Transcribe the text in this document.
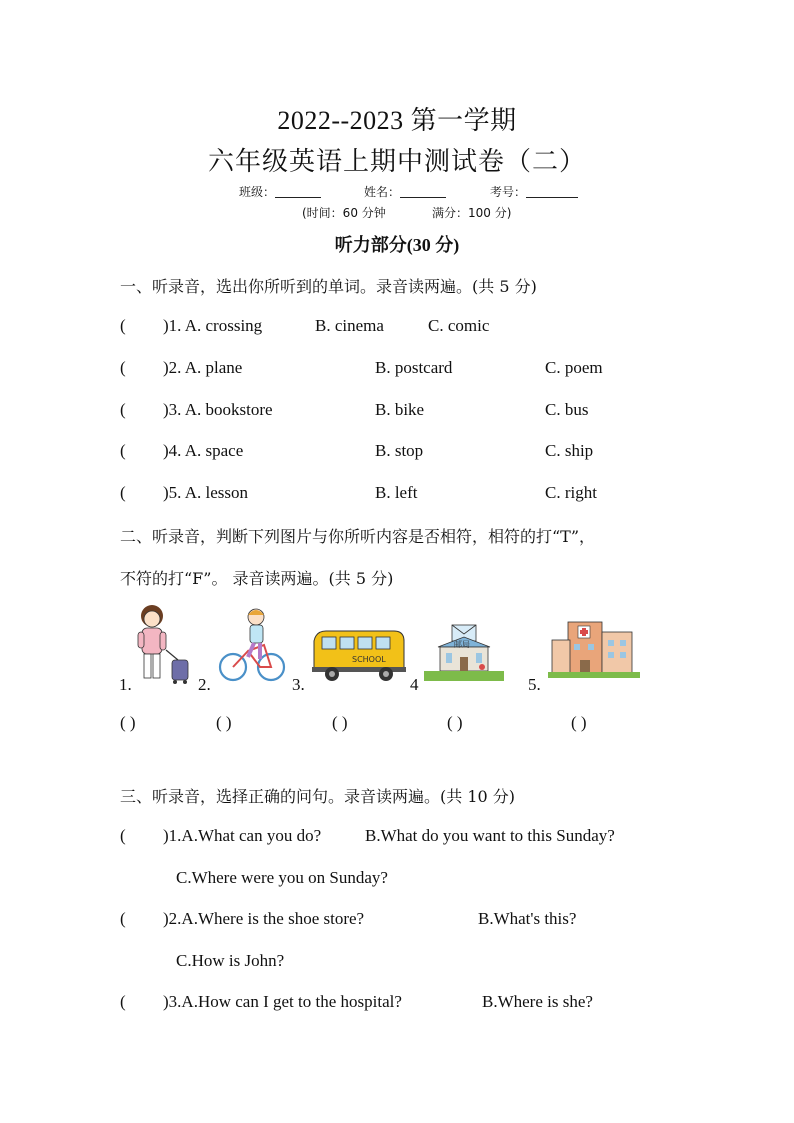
2022--2023 第一学期
六年级英语上期中测试卷（二）
班级：	姓名：	考号：
(时间：60 分钟	满分：100 分)
听力部分(30 分)
一、听录音，选出你所听到的单词。录音读两遍。(共 5 分)
( )1. A. crossing	B. cinema	C. comic
( )2. A. plane	B. postcard	C. poem
( )3. A. bookstore	B. bike	C. bus
( )4. A. space	B. stop	C. ship
( )5. A. lesson	B. left	C. right
二、听录音，判断下列图片与你所听内容是否相符，相符的打“T”，
不符的打“F”。 录音读两遍。(共 5 分)
1.	2.
SCHOOL
3.
邮局
4	5.
( )	( )	( )	( )	( )
三、听录音，选择正确的问句。录音读两遍。(共 10 分)
( )1.A.What can you do?	B.What do you want to this Sunday?
C.Where were you on Sunday?
( )2.A.Where is the shoe store?	B.What's this?
C.How is John?
( )3.A.How can I get to the hospital?	B.Where is she?
